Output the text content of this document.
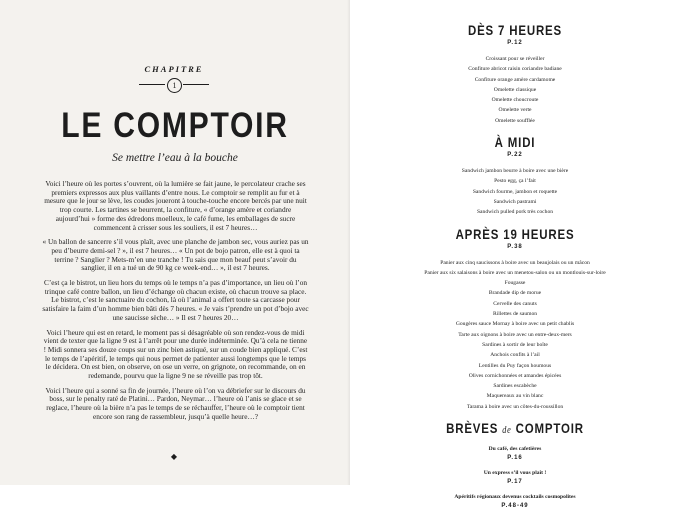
CHAPITRE
1
LE COMPTOIR
Se mettre l’eau à la bouche

Voici l’heure où les portes s’ouvrent, où la lumière se fait jaune, le percolateur crache ses premiers expressos aux plus vaillants d’entre nous. Le comptoir se remplit au fur et à mesure que le jour se lève, les coudes joueront à touche-touche encore bercés par une nuit trop courte. Les tartines se beurrent, la confiture, « d’orange amère et coriandre aujourd’hui » forme des édredons moelleux, le café fume, les emballages de sucre commencent à crisser sous les souliers, il est 7 heures…

« Un ballon de sancerre s’il vous plaît, avec une planche de jambon sec, vous auriez pas un peu d’beurre demi-sel ? », il est 7 heures… « Un pot de bojo patron, elle est à quoi ta terrine ? Sanglier ? Mets-m’en une tranche ! Tu sais que mon beauf peut s’avoir du sanglier, il en a tué un de 90 kg ce week-end… », il est 7 heures.

C’est ça le bistrot, un lieu hors du temps où le temps n’a pas d’importance, un lieu où l’on trinque café contre ballon, un lieu d’échange où chacun existe, où chacun trouve sa place. Le bistrot, c’est le sanctuaire du cochon, là où l’animal a offert toute sa carcasse pour satisfaire la faim d’un homme bien bâti dès 7 heures. « Je vais t’prendre un pot d’bojo avec une saucisse sèche… » Il est 7 heures 20…

Voici l’heure qui est en retard, le moment pas si désagréable où son rendez-vous de midi vient de texter que la ligne 9 est à l’arrêt pour une durée indéterminée. Qu’à cela ne tienne ! Midi sonnera ses douze coups sur un zinc bien astiqué, sur un coude bien appliqué. C’est le temps de l’apéritif, le temps qui nous permet de patienter aussi longtemps que le temps le décidera. On est bien, on observe, on ose un verre, on grignote, on recommande, on en redemande, pourvu que la ligne 9 ne se réveille pas trop tôt.

Voici l’heure qui a sonné sa fin de journée, l’heure où l’on va débriefer sur le discours du boss, sur le penalty raté de Platini… Pardon, Neymar… l’heure où l’anis se glace et se reglace, l’heure où la bière n’a pas le temps de se réchauffer, l’heure où le comptoir tient encore son rang de rassembleur, jusqu’à quelle heure…?

◆
DÈS 7 HEURES
P.12
Croissant pour se réveiller
Confiture abricot raisin coriandre badiane
Confiture orange amère cardamome
Omelette classique
Omelette choucroute
Omelette verte
Omelette soufflée
À MIDI
P.22
Sandwich jambon beurre à boire avec une bière
Pesto egg, ça l’fait
Sandwich fourme, jambon et roquette
Sandwich pastrami
Sandwich pulled pork très cochon
APRÈS 19 HEURES
P.38
Panier aux cinq saucissons à boire avec un beaujolais ou un mâcon
Panier aux six salaisons à boire avec un menetou-salon ou un montlouis-sur-loire
Fougasse
Brandade dip de morue
Cervelle des canuts
Rillettes de saumon
Gougères sauce Mornay à boire avec un petit chablis
Tarte aux oignons à boire avec un entre-deux-mers
Sardines à sortir de leur boîte
Anchois confits à l’ail
Lentilles du Puy façon houmous
Olives cornichonnées et amandes épicées
Sardines escabèche
Maquereaux au vin blanc
Tarama à boire avec un côtes-du-roussillon
BRÈVES de COMPTOIR
Du café, des cafetières
P.16
Un express s’il vous plaît !
P.17
Apéritifs régionaux devenus cocktails cosmopolites
P.48-49
